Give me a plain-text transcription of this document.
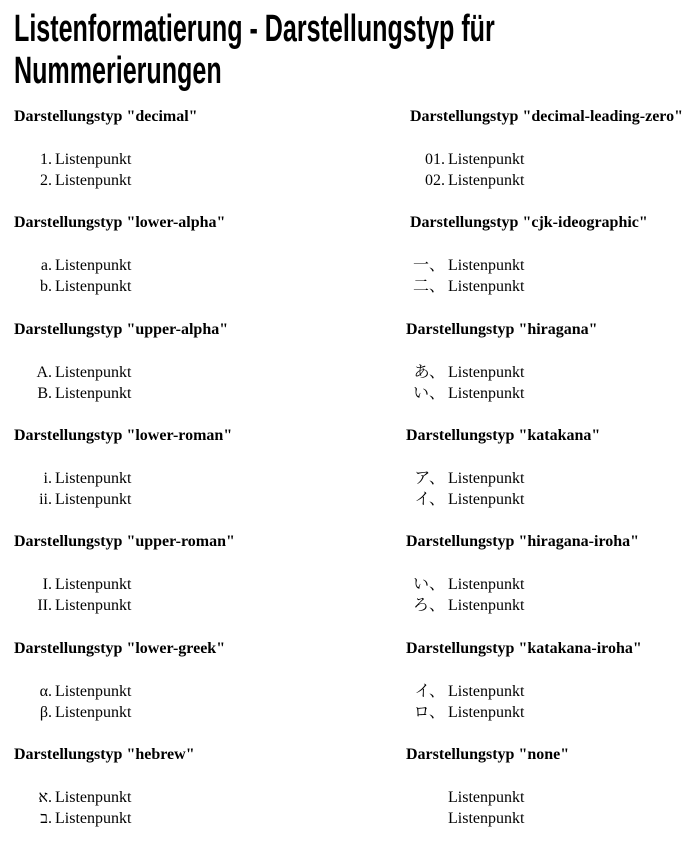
Listenformatierung - Darstellungstyp für Nummerierungen
Darstellungstyp "decimal"
1. Listenpunkt
2. Listenpunkt
Darstellungstyp "lower-alpha"
a. Listenpunkt
b. Listenpunkt
Darstellungstyp "upper-alpha"
A. Listenpunkt
B. Listenpunkt
Darstellungstyp "lower-roman"
i. Listenpunkt
ii. Listenpunkt
Darstellungstyp "upper-roman"
I. Listenpunkt
II. Listenpunkt
Darstellungstyp "lower-greek"
α. Listenpunkt
β. Listenpunkt
Darstellungstyp "hebrew"
א. Listenpunkt
ב. Listenpunkt
Darstellungstyp "decimal-leading-zero"
01. Listenpunkt
02. Listenpunkt
Darstellungstyp "cjk-ideographic"
一、 Listenpunkt
二、 Listenpunkt
Darstellungstyp "hiragana"
あ、 Listenpunkt
い、 Listenpunkt
Darstellungstyp "katakana"
ア、 Listenpunkt
イ、 Listenpunkt
Darstellungstyp "hiragana-iroha"
い、 Listenpunkt
ろ、 Listenpunkt
Darstellungstyp "katakana-iroha"
イ、 Listenpunkt
ロ、 Listenpunkt
Darstellungstyp "none"
Listenpunkt
Listenpunkt
